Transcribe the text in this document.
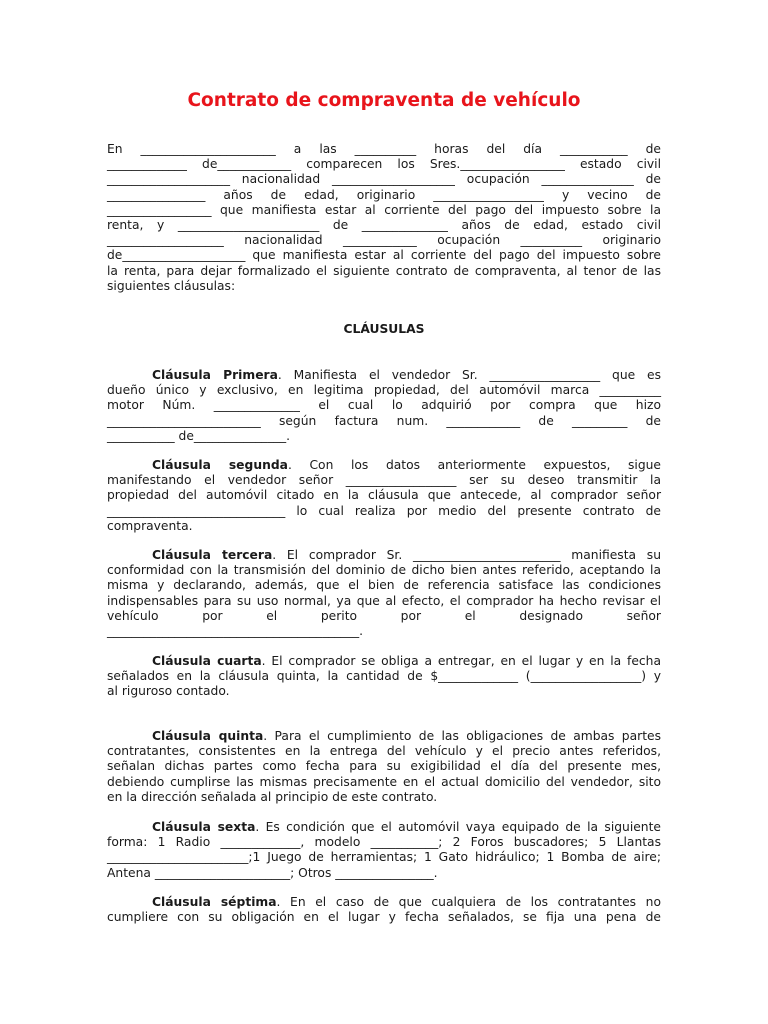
Contrato de compraventa de vehículo
En ______________________ a las __________ horas del día ___________ de
_____________ de____________ comparecen los Sres._________________ estado civil
____________________ nacionalidad ____________________ ocupación _______________ de
________________ años de edad, originario __________________ y vecino de
_________________ que manifiesta estar al corriente del pago del impuesto sobre la
renta, y _______________________ de ______________ años de edad, estado civil
___________________ nacionalidad ____________ ocupación __________ originario
de____________________ que manifiesta estar al corriente del pago del impuesto sobre
la renta, para dejar formalizado el siguiente contrato de compraventa, al tenor de las
siguientes cláusulas:
CLÁUSULAS
Cláusula Primera. Manifiesta el vendedor Sr. __________________ que es
dueño único y exclusivo, en legitima propiedad, del automóvil marca __________
motor Núm. ______________ el cual lo adquirió por compra que hizo
_________________________ según factura num. ____________ de _________ de
___________ de_______________.
Cláusula segunda. Con los datos anteriormente expuestos, sigue
manifestando el vendedor señor __________________ ser su deseo transmitir la
propiedad del automóvil citado en la cláusula que antecede, al comprador señor
_____________________________ lo cual realiza por medio del presente contrato de
compraventa.
Cláusula tercera. El comprador Sr. ________________________ manifiesta su
conformidad con la transmisión del dominio de dicho bien antes referido, aceptando la
misma y declarando, además, que el bien de referencia satisface las condiciones
indispensables para su uso normal, ya que al efecto, el comprador ha hecho revisar el
vehículo por el perito por el designado señor
_________________________________________.
Cláusula cuarta. El comprador se obliga a entregar, en el lugar y en la fecha
señalados en la cláusula quinta, la cantidad de $_____________ (__________________) y
al riguroso contado.
Cláusula quinta. Para el cumplimiento de las obligaciones de ambas partes
contratantes, consistentes en la entrega del vehículo y el precio antes referidos,
señalan dichas partes como fecha para su exigibilidad el día del presente mes,
debiendo cumplirse las mismas precisamente en el actual domicilio del vendedor, sito
en la dirección señalada al principio de este contrato.
Cláusula sexta. Es condición que el automóvil vaya equipado de la siguiente
forma: 1 Radio _____________, modelo ___________; 2 Foros buscadores; 5 Llantas
_______________________;1 Juego de herramientas; 1 Gato hidráulico; 1 Bomba de aire;
Antena ______________________; Otros ________________.
Cláusula séptima. En el caso de que cualquiera de los contratantes no
cumpliere con su obligación en el lugar y fecha señalados, se fija una pena de
